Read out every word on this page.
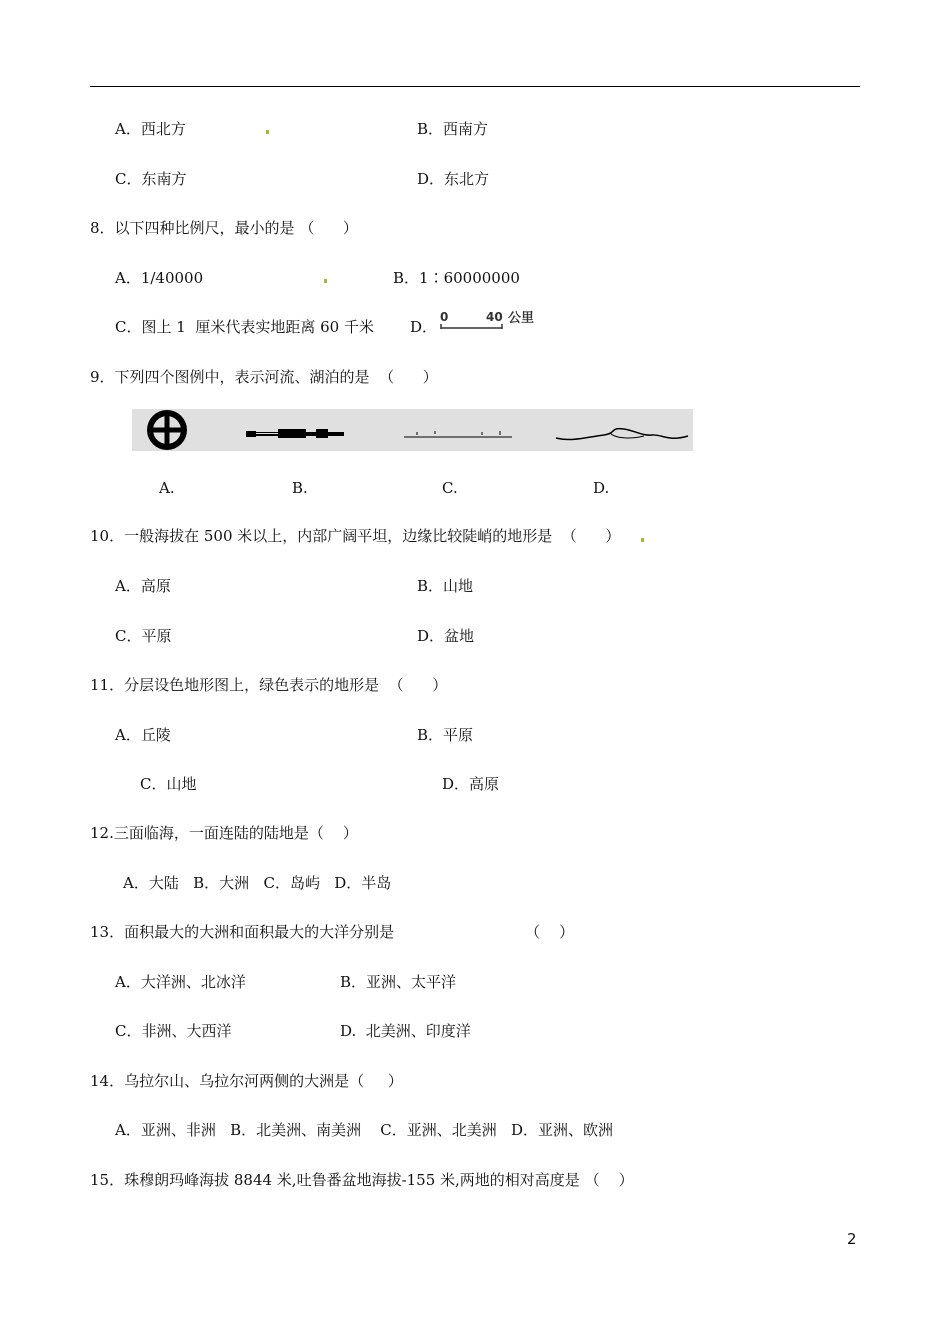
A．西北方	B．西南方
C．东南方	D．东北方
8．以下四种比例尺，最小的是 （      ）
A．1/40000	B．1∶60000000
C．图上 1  厘米代表实地距离 60 千米 D．
0	40 公里
9．下列四个图例中，表示河流、湖泊的是  （      ）
A.	B.	C.	D.
10．一般海拔在 500 米以上，内部广阔平坦，边缘比较陡峭的地形是  （      ）
A．高原	B．山地
C．平原	D．盆地
11．分层设色地形图上，绿色表示的地形是  （      ）
A．丘陵	B．平原
C．山地	D．高原
12.三面临海，一面连陆的陆地是（    ）
A．大陆   B．大洲   C．岛屿   D．半岛
13．面积最大的大洲和面积最大的大洋分别是	（    ）
A．大洋洲、北冰洋	B．亚洲、太平洋
C．非洲、大西洋	D.  北美洲、印度洋
14．乌拉尔山、乌拉尔河两侧的大洲是（     ）
A．亚洲、非洲   B．北美洲、南美洲    C．亚洲、北美洲   D．亚洲、欧洲
15．珠穆朗玛峰海拔 8844 米,吐鲁番盆地海拔-155 米,两地的相对高度是 （    ）
2
